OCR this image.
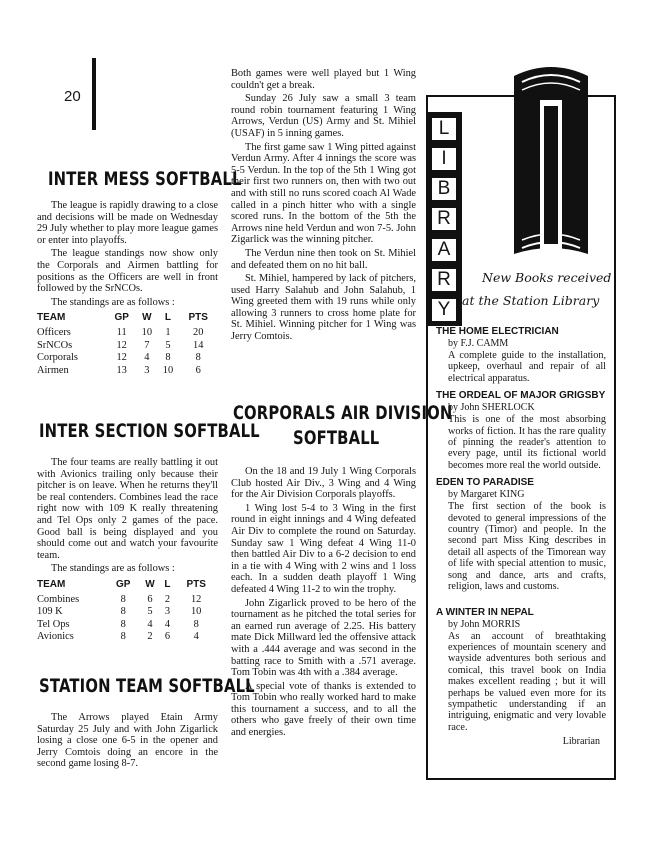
20
INTER MESS SOFTBALL

The league is rapidly drawing to a close and decisions will be made on Wednesday 29 July whether to play more league games or enter into playoffs.

The league standings now show only the Corporals and Airmen battling for positions as the Officers are well in front followed by the SrNCOs.

The standings are as follows :

TEAM	GP	W	L	PTS
Officers	11	10	1	20
SrNCOs	12	7	5	14
Corporals	12	4	8	8
Airmen	13	3	10	6
INTER SECTION SOFTBALL

The four teams are really battling it out with Avionics trailing only because their pitcher is on leave. When he returns they'll be real contenders. Combines lead the race right now with 109 K really threatening and Tel Ops only 2 games of the pace. Good ball is being displayed and you should come out and watch your favourite team.

The standings are as follows :

TEAM	GP	W	L	PTS
Combines	8	6	2	12
109 K	8	5	3	10
Tel Ops	8	4	4	8
Avionics	8	2	6	4
STATION TEAM SOFTBALL

The Arrows played Etain Army Saturday 25 July and with John Zigarlick losing a close one 6-5 in the opener and Jerry Comtois doing an encore in the second game losing 8-7.

Both games were well played but 1 Wing couldn't get a break.

Sunday 26 July saw a small 3 team round robin tournament featuring 1 Wing Arrows, Verdun (US) Army and St. Mihiel (USAF) in 5 inning games.

The first game saw 1 Wing pitted against Verdun Army. After 4 innings the score was 5-5 Verdun. In the top of the 5th 1 Wing got their first two runners on, then with two out and with still no runs scored coach Al Wade called in a pinch hitter who with a single scored runs. In the bottom of the 5th the Arrows nine held Verdun and won 7-5. John Zigarlick was the winning pitcher.

The Verdun nine then took on St. Mihiel and defeated them on no hit ball.

St. Mihiel, hampered by lack of pitchers, used Harry Salahub and John Salahub, 1 Wing greeted them with 19 runs while only allowing 3 runners to cross home plate for St. Mihiel. Winning pitcher for 1 Wing was Jerry Comtois.

CORPORALS AIR DIVISION
SOFTBALL

On the 18 and 19 July 1 Wing Corporals Club hosted Air Div., 3 Wing and 4 Wing for the Air Division Corporals playoffs.

1 Wing lost 5-4 to 3 Wing in the first round in eight innings and 4 Wing defeated Air Div to complete the round on Saturday. Sunday saw 1 Wing defeat 4 Wing 11-0 then battled Air Div to a 6-2 decision to end in a tie with 4 Wing with 2 wins and 1 loss each. In a sudden death playoff 1 Wing defeated 4 Wing 11-2 to win the trophy.

John Zigarlick proved to be hero of the tournament as he pitched the total series for an earned run average of 2.25. His battery mate Dick Millward led the offensive attack with a .444 average and was second in the batting race to Smith with a .571 average. Tom Tobin was 4th with a .384 average.

A special vote of thanks is extended to Tom Tobin who really worked hard to make this tournament a success, and to all the others who gave freely of their own time and energies.

L
I
B
R
A
R
Y
New Books received
at the Station Library
THE HOME ELECTRICIAN
by F.J. CAMM
A complete guide to the installation, upkeep, overhaul and repair of all electrical apparatus.
THE ORDEAL OF MAJOR GRIGSBY
by John SHERLOCK
This is one of the most absorbing works of fiction. It has the rare quality of pinning the reader's attention to every page, until its fictional world becomes more real the world outside.
EDEN TO PARADISE
by Margaret KING
The first section of the book is devoted to general impressions of the country (Timor) and people. In the second part Miss King describes in detail all aspects of the Timorean way of life with special attention to music, song and dance, arts and crafts, religion, laws and customs.
A WINTER IN NEPAL
by John MORRIS
As an account of breathtaking experiences of mountain scenery and wayside adventures both serious and comical, this travel book on India makes excellent reading ; but it will perhaps be valued even more for its sympathetic understanding if an intriguing, enigmatic and very lovable race.
Librarian
